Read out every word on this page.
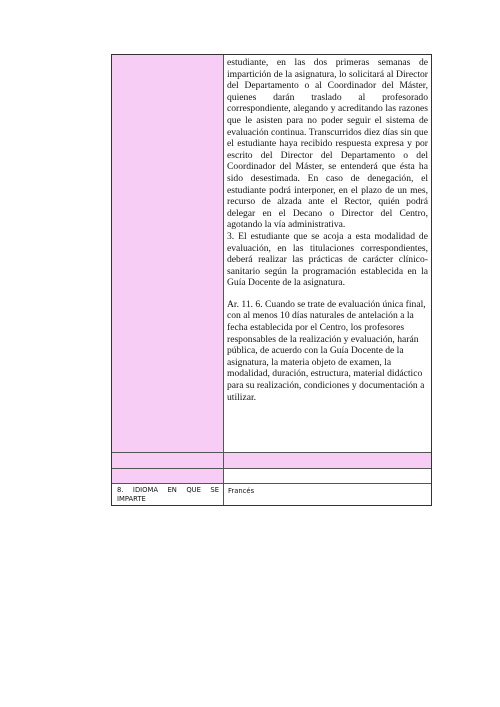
estudiante, en las dos primeras semanas de impartición de la asignatura, lo solicitará al Director del Departamento o al Coordinador del Máster, quienes darán traslado al profesorado correspondiente, alegando y acreditando las razones que le asisten para no poder seguir el sistema de evaluación continua. Transcurridos diez días sin que el estudiante haya recibido respuesta expresa y por escrito del Director del Departamento o del Coordinador del Máster, se entenderá que ésta ha sido desestimada. En caso de denegación, el estudiante podrá interponer, en el plazo de un mes, recurso de alzada ante el Rector, quién podrá delegar en el Decano o Director del Centro, agotando la vía administrativa.

3. El estudiante que se acoja a esta modalidad de evaluación, en las titulaciones correspondientes, deberá realizar las prácticas de carácter clínico-sanitario según la programación establecida en la Guía Docente de la asignatura.

Ar. 11. 6. Cuando se trate de evaluación única final, con al menos 10 días naturales de antelación a la fecha establecida por el Centro, los profesores responsables de la realización y evaluación, harán pública, de acuerdo con la Guía Docente de la asignatura, la materia objeto de examen, la modalidad, duración, estructura, material didáctico para su realización, condiciones y documentación a utilizar.

8. IDIOMA EN QUE SE
IMPARTE
Francés
